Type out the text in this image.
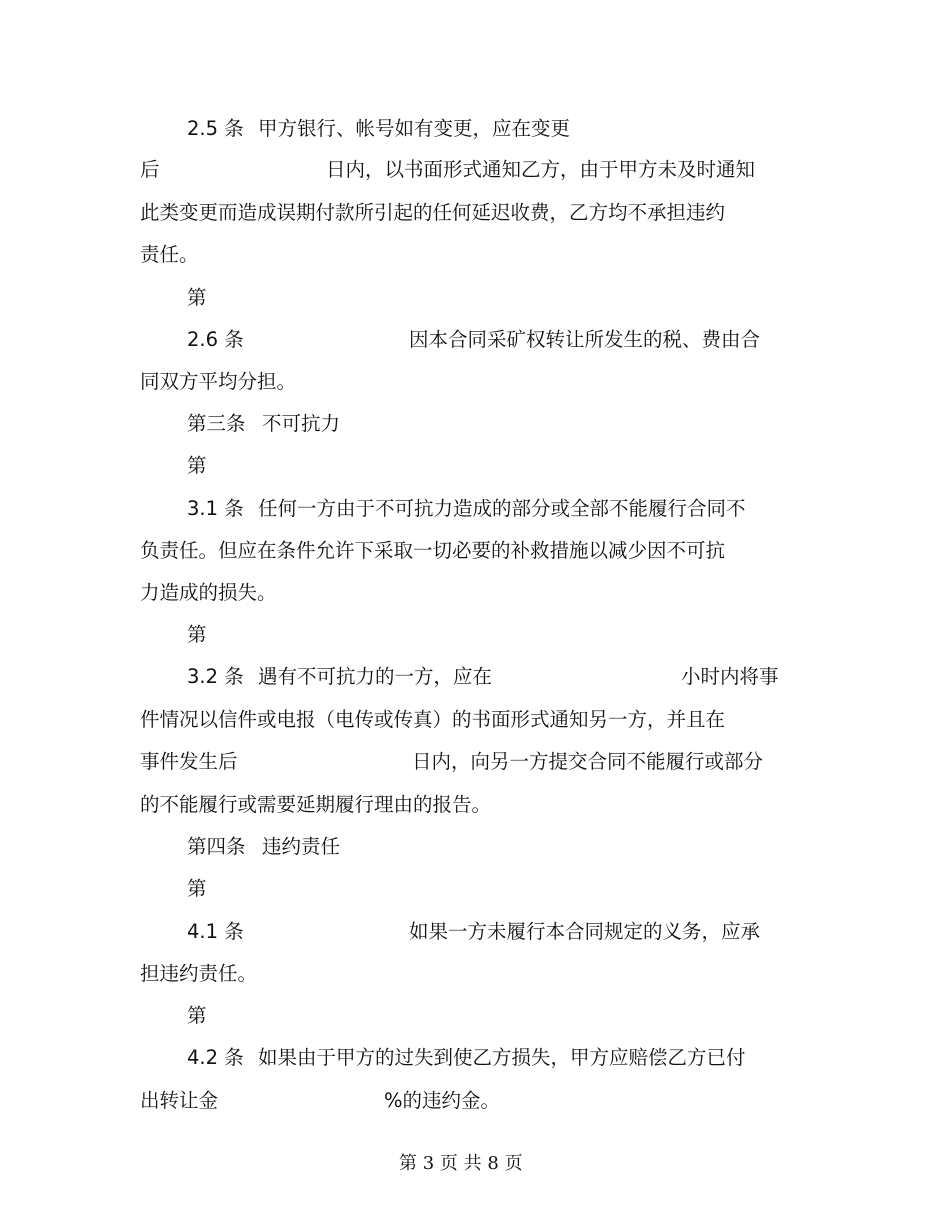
2.5 条 甲方银行、帐号如有变更，应在变更
后	日内，以书面形式通知乙方，由于甲方未及时通知
此类变更而造成误期付款所引起的任何延迟收费，乙方均不承担违约
责任。
第
2.6 条	因本合同采矿权转让所发生的税、费由合
同双方平均分担。
第三条 不可抗力
第
3.1 条 任何一方由于不可抗力造成的部分或全部不能履行合同不
负责任。但应在条件允许下采取一切必要的补救措施以减少因不可抗
力造成的损失。
第
3.2 条 遇有不可抗力的一方，应在	小时内将事
件情况以信件或电报（电传或传真）的书面形式通知另一方，并且在
事件发生后	日内，向另一方提交合同不能履行或部分
的不能履行或需要延期履行理由的报告。
第四条 违约责任
第
4.1 条	如果一方未履行本合同规定的义务，应承
担违约责任。
第
4.2 条 如果由于甲方的过失到使乙方损失，甲方应赔偿乙方已付
出转让金	%的违约金。
第 3 页 共 8 页
